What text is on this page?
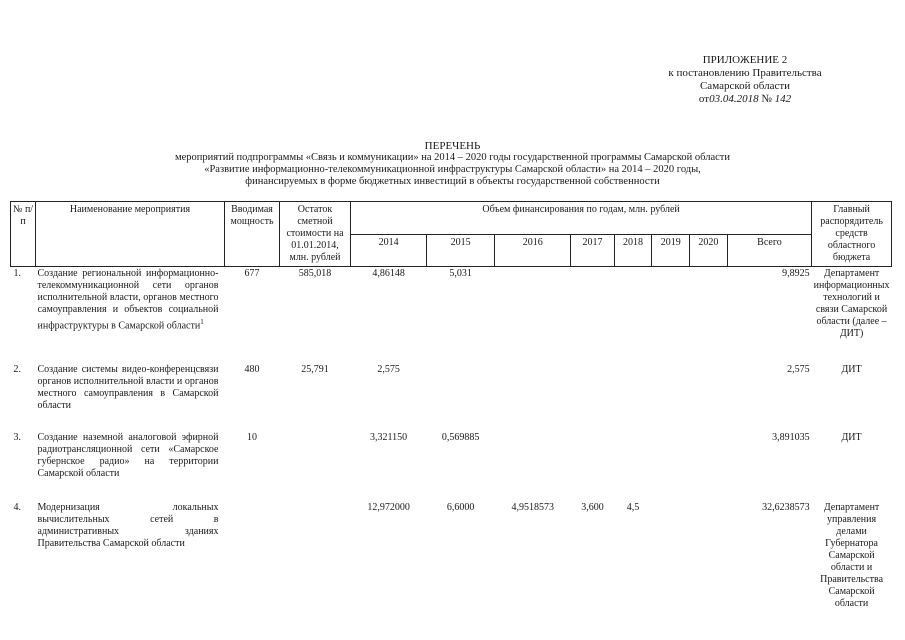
ПРИЛОЖЕНИЕ 2
к постановлению Правительства
Самарской области
от03.04.2018 № 142
ПЕРЕЧЕНЬ
мероприятий подпрограммы «Связь и коммуникации» на 2014 – 2020 годы государственной программы Самарской области
«Развитие информационно-телекоммуникационной инфраструктуры Самарской области» на 2014 – 2020 годы,
финансируемых в форме бюджетных инвестиций в объекты государственной собственности
№ п/п	Наименование мероприятия	Вводимая мощность	Остаток сметной стоимости на 01.01.2014, млн. рублей	Объем финансирования по годам, млн. рублей								Главный распорядитель средств областного бюджета
				2014	2015	2016	2017	2018	2019	2020	Всего	
1.	Создание региональной информационно-телекоммуникационной сети органов исполнительной власти, органов местного самоуправления и объектов социальной инфраструктуры в Самарской области$^1$	677	585,018	4,86148	5,031						9,8925	Департамент информационных технологий и связи Самарской области (далее – ДИТ)
2.	Создание системы видео-конференцсвязи органов исполнительной власти и органов местного самоуправления в Самарской области	480	25,791	2,575							2,575	ДИТ
3.	Создание наземной аналоговой эфирной радиотрансляционной сети «Самарское губернское радио» на территории Самарской области	10		3,321150	0,569885						3,891035	ДИТ
4.	Модернизация локальных вычислительных сетей в административных зданиях Правительства Самарской области			12,972000	6,6000	4,9518573	3,600	4,5			32,6238573	Департамент управления делами Губернатора Самарской области и Правительства Самарской области
